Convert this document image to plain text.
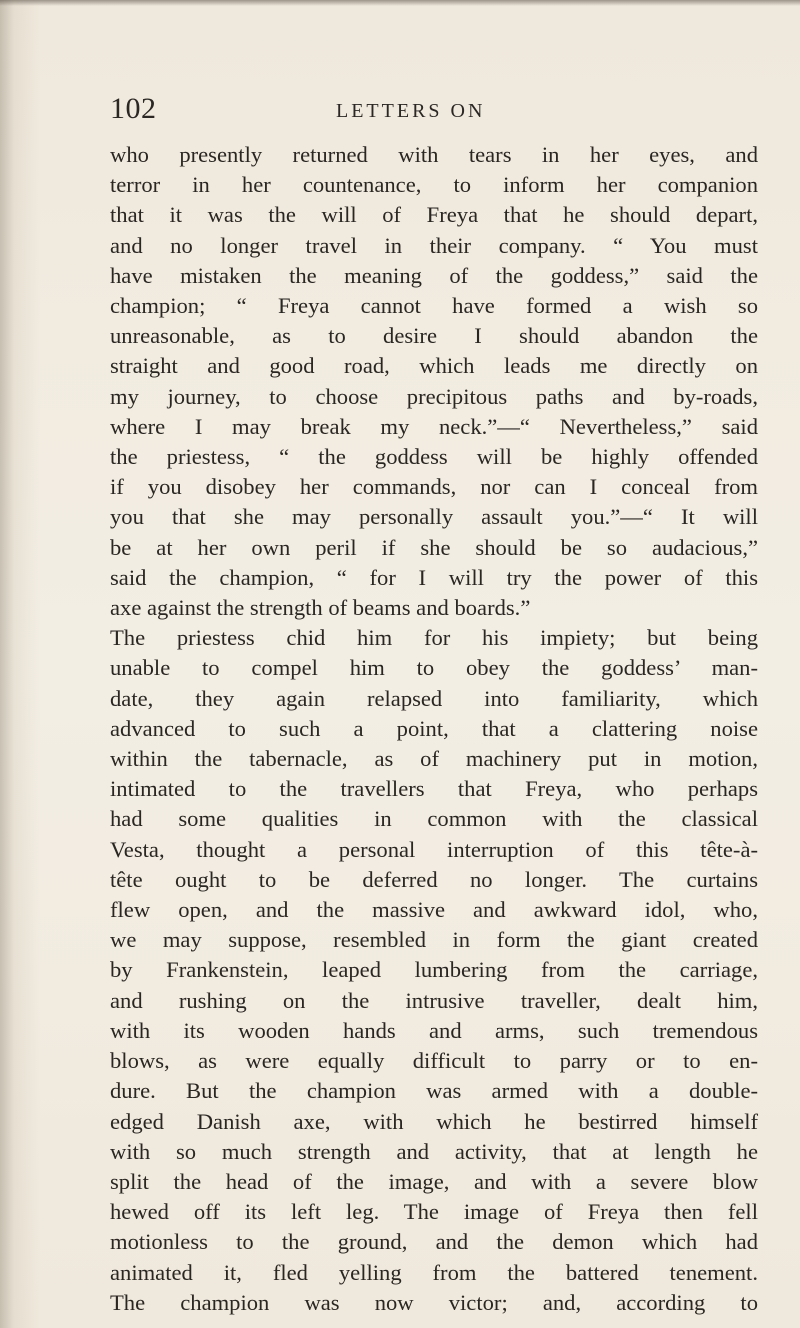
102	LETTERS ON
who presently returned with tears in her eyes, and
terror in her countenance, to inform her companion
that it was the will of Freya that he should depart,
and no longer travel in their company. “ You must
have mistaken the meaning of the goddess,” said the
champion; “ Freya cannot have formed a wish so
unreasonable, as to desire I should abandon the
straight and good road, which leads me directly on
my journey, to choose precipitous paths and by-roads,
where I may break my neck.”—“ Nevertheless,” said
the priestess, “ the goddess will be highly offended
if you disobey her commands, nor can I conceal from
you that she may personally assault you.”—“ It will
be at her own peril if she should be so audacious,”
said the champion, “ for I will try the power of this
axe against the strength of beams and boards.”
The priestess chid him for his impiety; but being
unable to compel him to obey the goddess’ man-
date, they again relapsed into familiarity, which
advanced to such a point, that a clattering noise
within the tabernacle, as of machinery put in motion,
intimated to the travellers that Freya, who perhaps
had some qualities in common with the classical
Vesta, thought a personal interruption of this tête-à-
tête ought to be deferred no longer. The curtains
flew open, and the massive and awkward idol, who,
we may suppose, resembled in form the giant created
by Frankenstein, leaped lumbering from the carriage,
and rushing on the intrusive traveller, dealt him,
with its wooden hands and arms, such tremendous
blows, as were equally difficult to parry or to en-
dure. But the champion was armed with a double-
edged Danish axe, with which he bestirred himself
with so much strength and activity, that at length he
split the head of the image, and with a severe blow
hewed off its left leg. The image of Freya then fell
motionless to the ground, and the demon which had
animated it, fled yelling from the battered tenement.
The champion was now victor; and, according to
